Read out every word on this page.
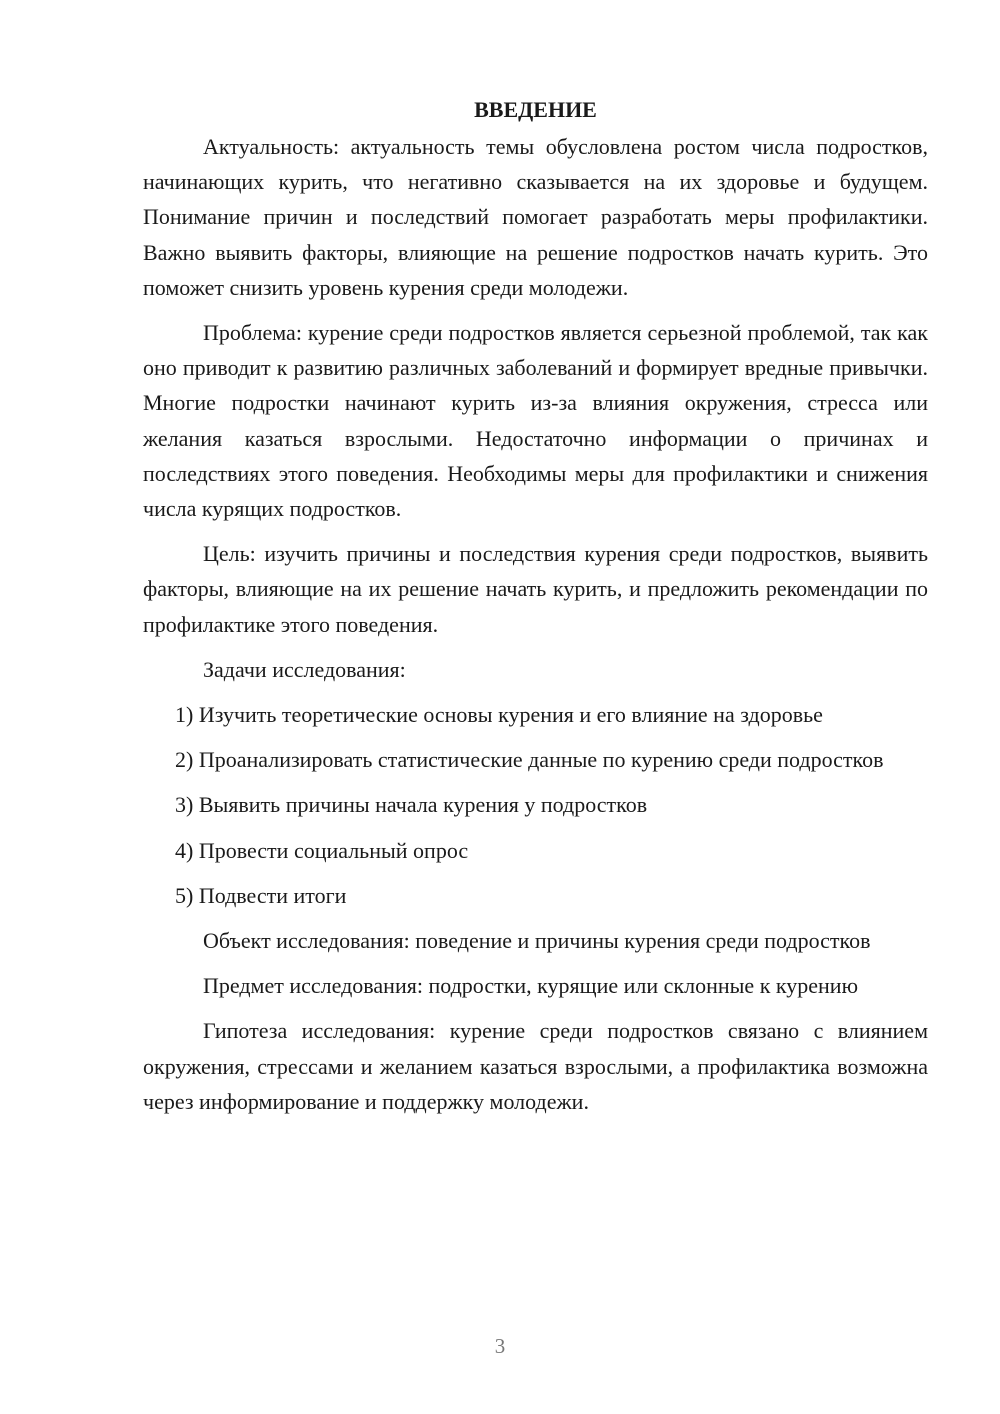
ВВЕДЕНИЕ

Актуальность: актуальность темы обусловлена ростом числа подростков, начинающих курить, что негативно сказывается на их здоровье и будущем. Понимание причин и последствий помогает разработать меры профилактики. Важно выявить факторы, влияющие на решение подростков начать курить. Это поможет снизить уровень курения среди молодежи.

Проблема: курение среди подростков является серьезной проблемой, так как оно приводит к развитию различных заболеваний и формирует вредные привычки. Многие подростки начинают курить из-за влияния окружения, стресса или желания казаться взрослыми. Недостаточно информации о причинах и последствиях этого поведения. Необходимы меры для профилактики и снижения числа курящих подростков.

Цель: изучить причины и последствия курения среди подростков, выявить факторы, влияющие на их решение начать курить, и предложить рекомендации по профилактике этого поведения.

Задачи исследования:

1) Изучить теоретические основы курения и его влияние на здоровье

2) Проанализировать статистические данные по курению среди подростков

3) Выявить причины начала курения у подростков

4) Провести социальный опрос

5) Подвести итоги

Объект исследования: поведение и причины курения среди подростков

Предмет исследования: подростки, курящие или склонные к курению

Гипотеза исследования: курение среди подростков связано с влиянием окружения, стрессами и желанием казаться взрослыми, а профилактика возможна через информирование и поддержку молодежи.

3
